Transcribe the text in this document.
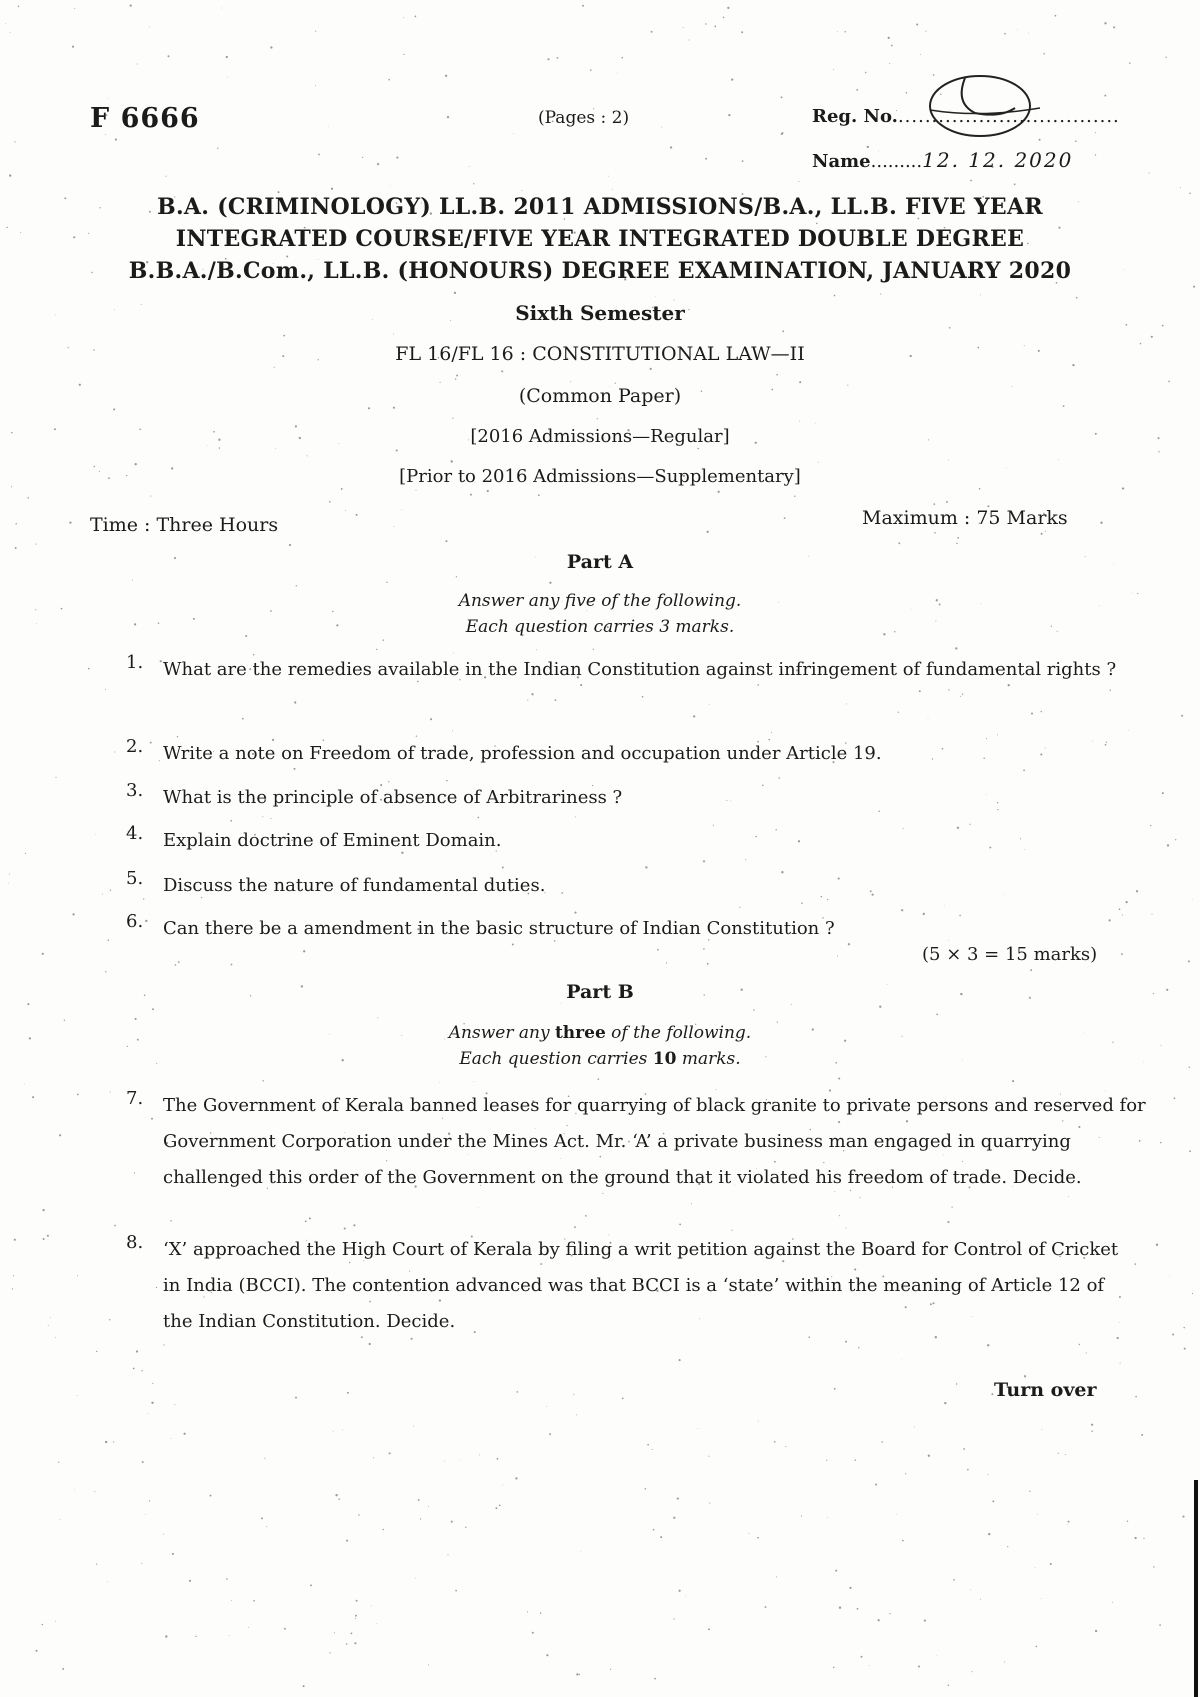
F 6666	(Pages : 2)	Reg. No..................................
Name.........12. 12. 2020
B.A. (CRIMINOLOGY) LL.B. 2011 ADMISSIONS/B.A., LL.B. FIVE YEAR
INTEGRATED COURSE/FIVE YEAR INTEGRATED DOUBLE DEGREE
B.B.A./B.Com., LL.B. (HONOURS) DEGREE EXAMINATION, JANUARY 2020
Sixth Semester
FL 16/FL 16 : CONSTITUTIONAL LAW—II
(Common Paper)
[2016 Admissions—Regular]
[Prior to 2016 Admissions—Supplementary]
Time : Three Hours	Maximum : 75 Marks
Part A
Answer any five of the following.
Each question carries 3 marks.
1.	What are the remedies available in the Indian Constitution against infringement of fundamental rights ?
2.	Write a note on Freedom of trade, profession and occupation under Article 19.
3.	What is the principle of absence of Arbitrariness ?
4.	Explain doctrine of Eminent Domain.
5.	Discuss the nature of fundamental duties.
6.	Can there be a amendment in the basic structure of Indian Constitution ?
(5 × 3 = 15 marks)
Part B
Answer any three of the following.
Each question carries 10 marks.
7.	The Government of Kerala banned leases for quarrying of black granite to private persons and reserved for Government Corporation under the Mines Act. Mr. ‘A’ a private business man engaged in quarrying challenged this order of the Government on the ground that it violated his freedom of trade. Decide.
8.	‘X’ approached the High Court of Kerala by filing a writ petition against the Board for Control of Cricket in India (BCCI). The contention advanced was that BCCI is a ‘state’ within the meaning of Article 12 of the Indian Constitution. Decide.
Turn over
